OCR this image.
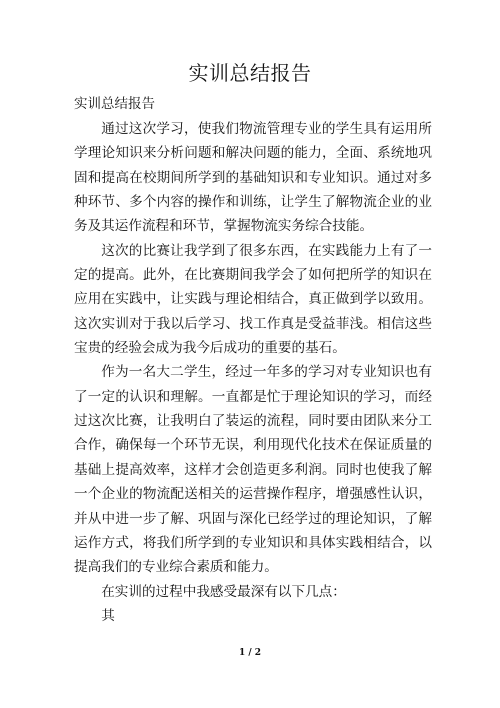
实训总结报告
实训总结报告

通过这次学习，使我们物流管理专业的学生具有运用所学理论知识来分析问题和解决问题的能力，全面、系统地巩固和提高在校期间所学到的基础知识和专业知识。通过对多种环节、多个内容的操作和训练，让学生了解物流企业的业务及其运作流程和环节，掌握物流实务综合技能。

这次的比赛让我学到了很多东西，在实践能力上有了一定的提高。此外，在比赛期间我学会了如何把所学的知识在应用在实践中，让实践与理论相结合，真正做到学以致用。这次实训对于我以后学习、找工作真是受益菲浅。相信这些宝贵的经验会成为我今后成功的重要的基石。

作为一名大二学生，经过一年多的学习对专业知识也有了一定的认识和理解。一直都是忙于理论知识的学习，而经过这次比赛，让我明白了装运的流程，同时要由团队来分工合作，确保每一个环节无误，利用现代化技术在保证质量的基础上提高效率，这样才会创造更多利润。同时也使我了解一个企业的物流配送相关的运营操作程序，增强感性认识，并从中进一步了解、巩固与深化已经学过的理论知识，了解运作方式，将我们所学到的专业知识和具体实践相结合，以提高我们的专业综合素质和能力。

在实训的过程中我感受最深有以下几点：

其

1 / 2
